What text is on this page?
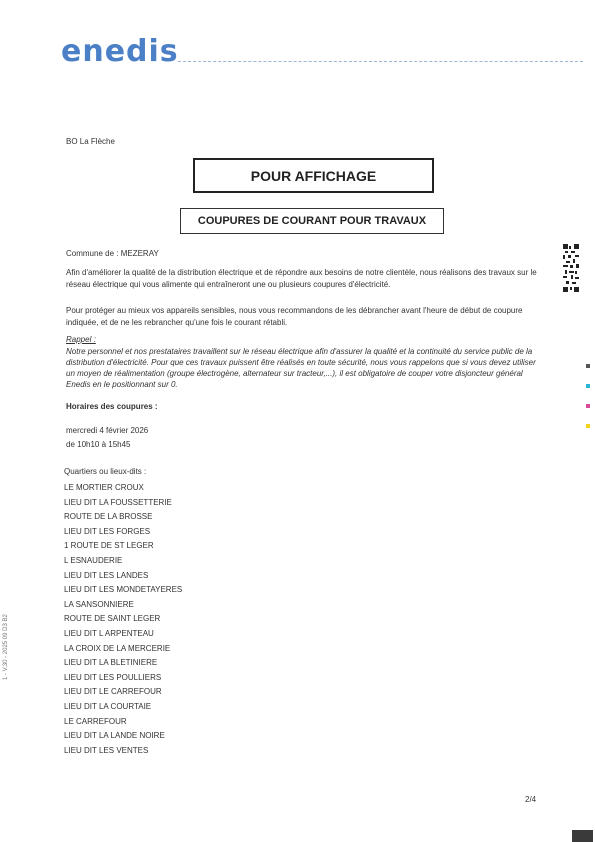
enedis
BO La Flèche
POUR AFFICHAGE
COUPURES DE COURANT POUR TRAVAUX
Commune de : MEZERAY
Afin d'améliorer la qualité de la distribution électrique et de répondre aux besoins de notre clientèle, nous réalisons des travaux sur le réseau électrique qui vous alimente qui entraîneront une ou plusieurs coupures d'électricité.
Pour protéger au mieux vos appareils sensibles, nous vous recommandons de les débrancher avant l'heure de début de coupure indiquée, et de ne les rebrancher qu'une fois le courant rétabli.
Rappel :
Notre personnel et nos prestataires travaillent sur le réseau électrique afin d'assurer la qualité et la continuité du service public de la distribution d'électricité. Pour que ces travaux puissent être réalisés en toute sécurité, nous vous rappelons que si vous devez utiliser un moyen de réalimentation (groupe électrogène, alternateur sur tracteur,...), il est obligatoire de couper votre disjoncteur général Enedis en le positionnant sur 0.
Horaires des coupures :
mercredi 4 février 2026
de 10h10 à 15h45
Quartiers ou lieux-dits :
LE MORTIER CROUX
LIEU DIT LA FOUSSETTERIE
ROUTE DE LA BROSSE
LIEU DIT LES FORGES
1 ROUTE DE ST LEGER
L ESNAUDERIE
LIEU DIT LES LANDES
LIEU DIT LES MONDETAYERES
LA SANSONNIERE
ROUTE DE SAINT LEGER
LIEU DIT L ARPENTEAU
LA CROIX DE LA MERCERIE
LIEU DIT LA BLETINIERE
LIEU DIT LES POULLIERS
LIEU DIT LE CARREFOUR
LIEU DIT LA COURTAIE
LE CARREFOUR
LIEU DIT LA LANDE NOIRE
LIEU DIT LES VENTES
1 - V.30 - 2025 09 D3 B2
2/4
